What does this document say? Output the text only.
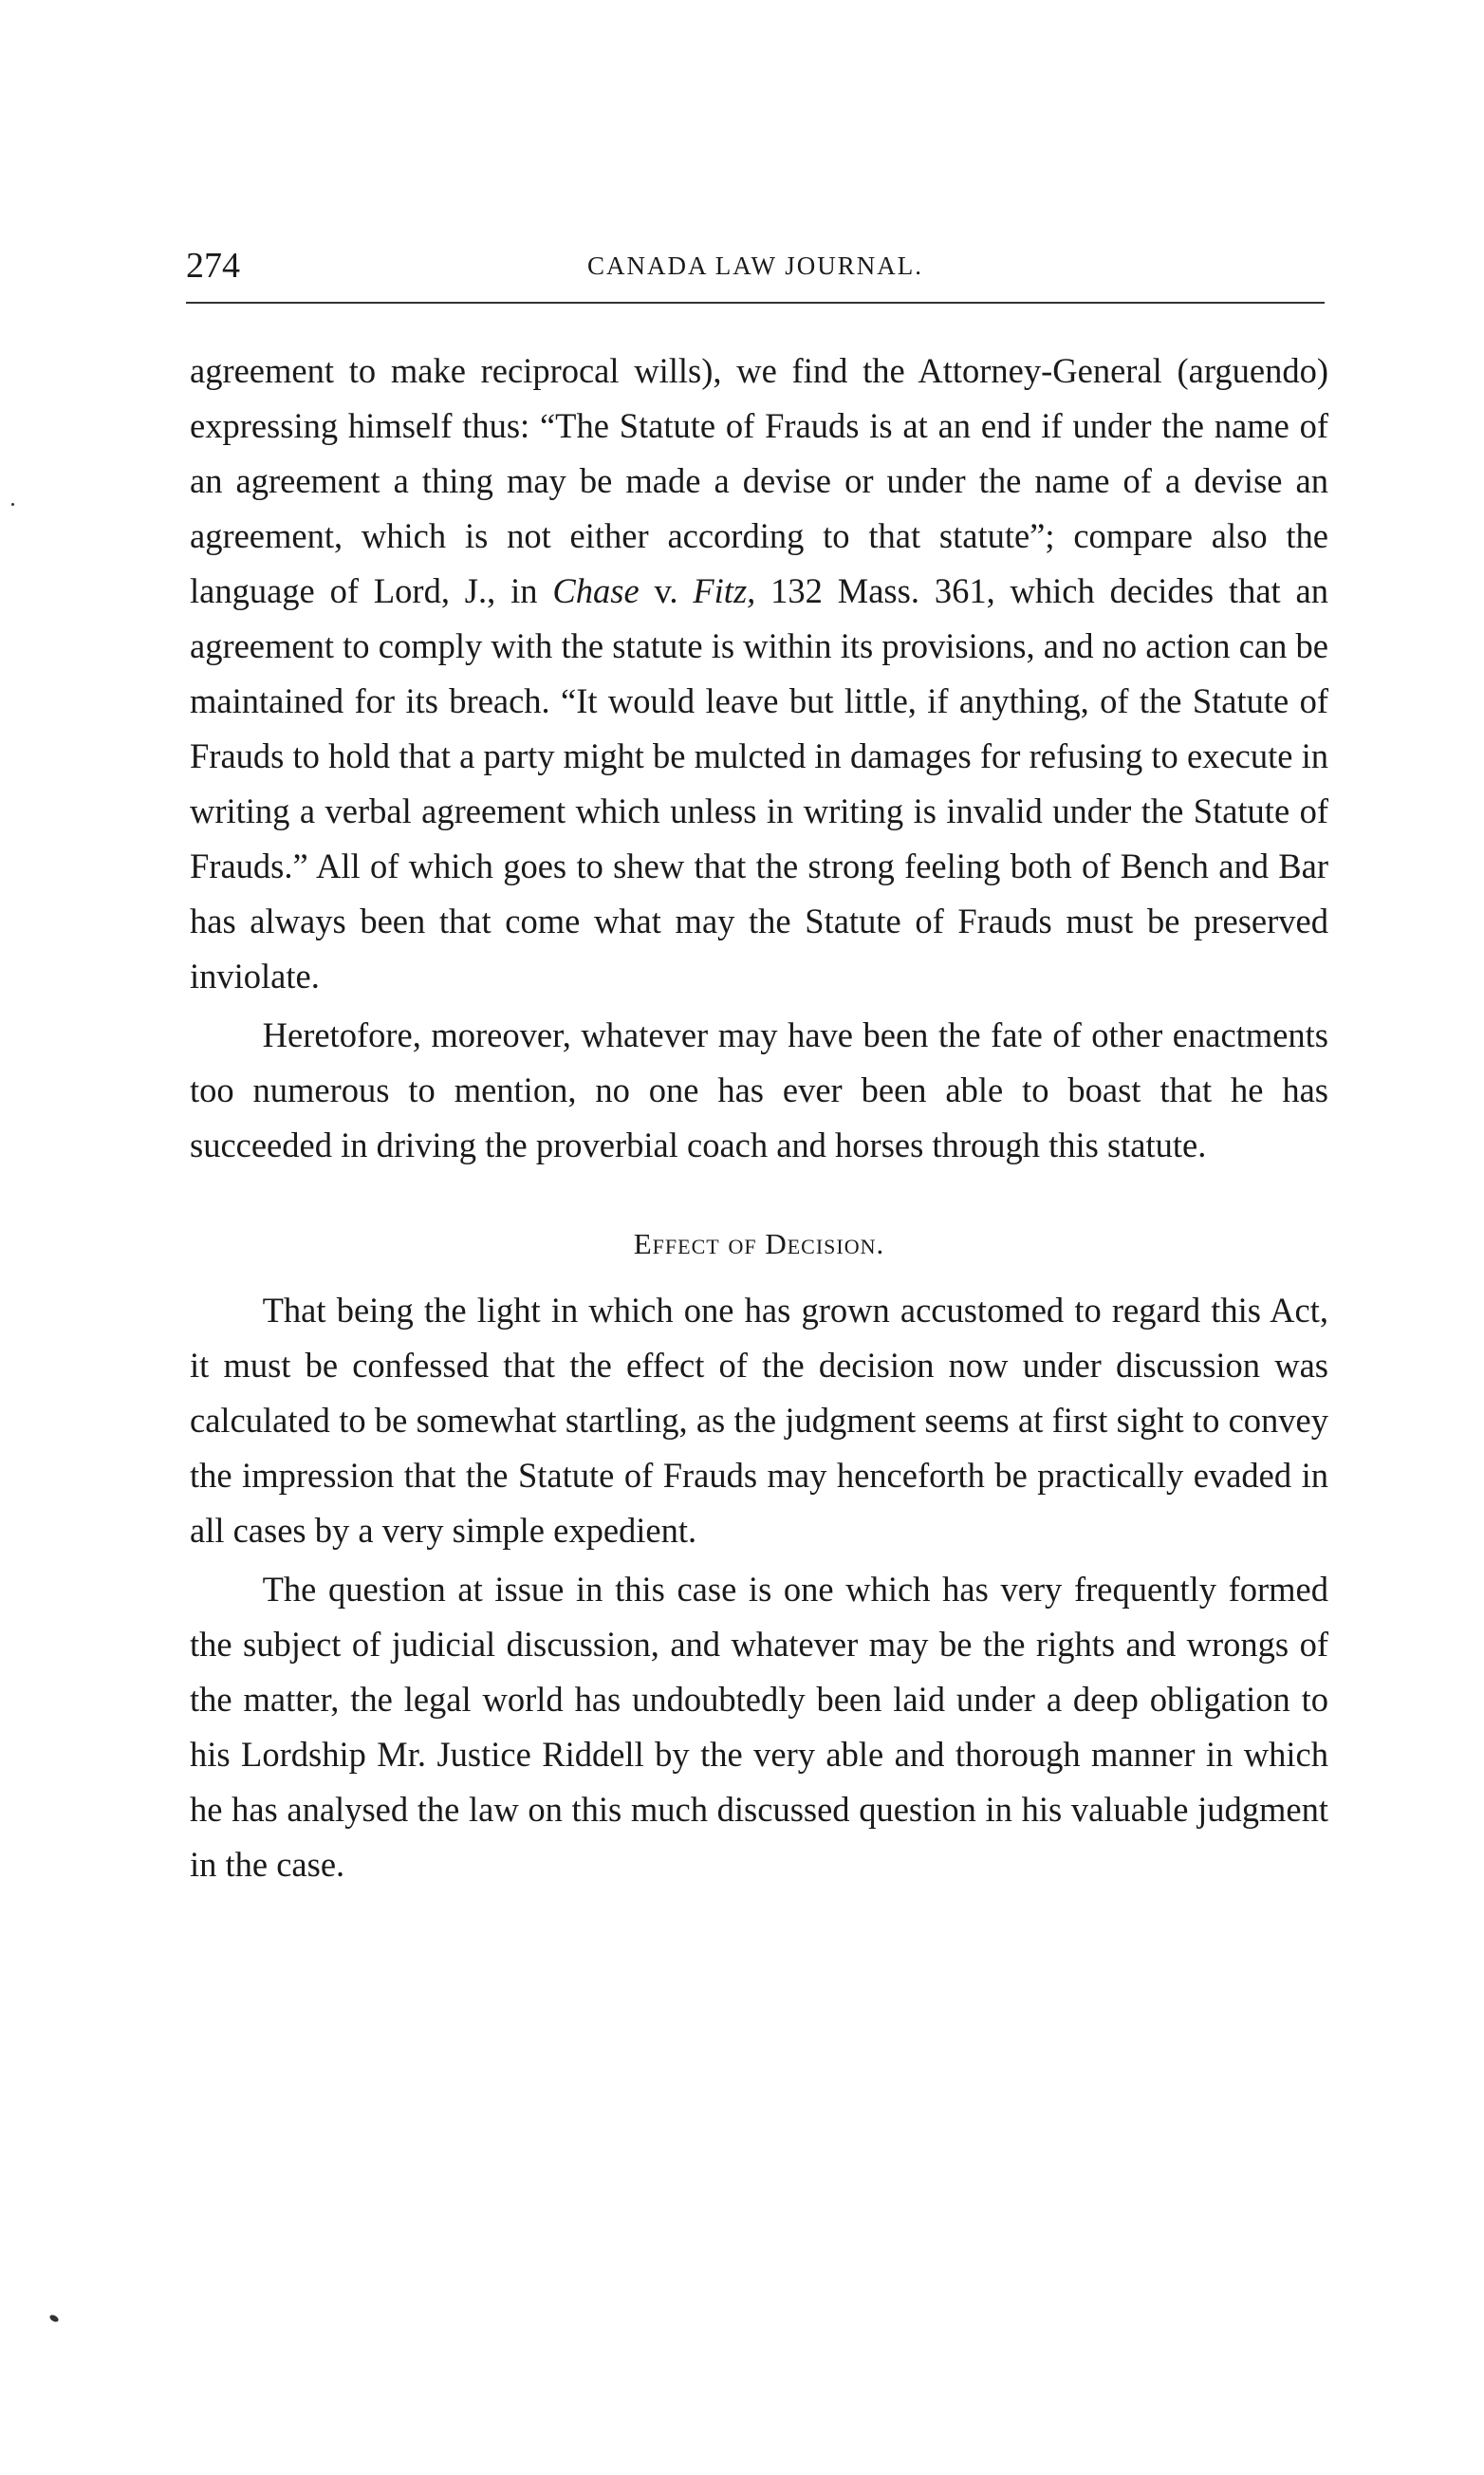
274	CANADA LAW JOURNAL.

agreement to make reciprocal wills), we find the Attorney-General (arguendo) expressing himself thus: “The Statute of Frauds is at an end if under the name of an agreement a thing may be made a devise or under the name of a devise an agreement, which is not either according to that statute”; compare also the language of Lord, J., in Chase v. Fitz, 132 Mass. 361, which decides that an agreement to comply with the statute is within its provisions, and no action can be maintained for its breach. “It would leave but little, if anything, of the Statute of Frauds to hold that a party might be mulcted in damages for refusing to execute in writing a verbal agreement which unless in writing is invalid under the Statute of Frauds.” All of which goes to shew that the strong feeling both of Bench and Bar has always been that come what may the Statute of Frauds must be preserved inviolate.

Heretofore, moreover, whatever may have been the fate of other enactments too numerous to mention, no one has ever been able to boast that he has succeeded in driving the proverbial coach and horses through this statute.

Effect of Decision.

That being the light in which one has grown accustomed to regard this Act, it must be confessed that the effect of the decision now under discussion was calculated to be somewhat startling, as the judgment seems at first sight to convey the impression that the Statute of Frauds may henceforth be practically evaded in all cases by a very simple expedient.

The question at issue in this case is one which has very frequently formed the subject of judicial discussion, and whatever may be the rights and wrongs of the matter, the legal world has undoubtedly been laid under a deep obligation to his Lordship Mr. Justice Riddell by the very able and thorough manner in which he has analysed the law on this much discussed question in his valuable judgment in the case.
